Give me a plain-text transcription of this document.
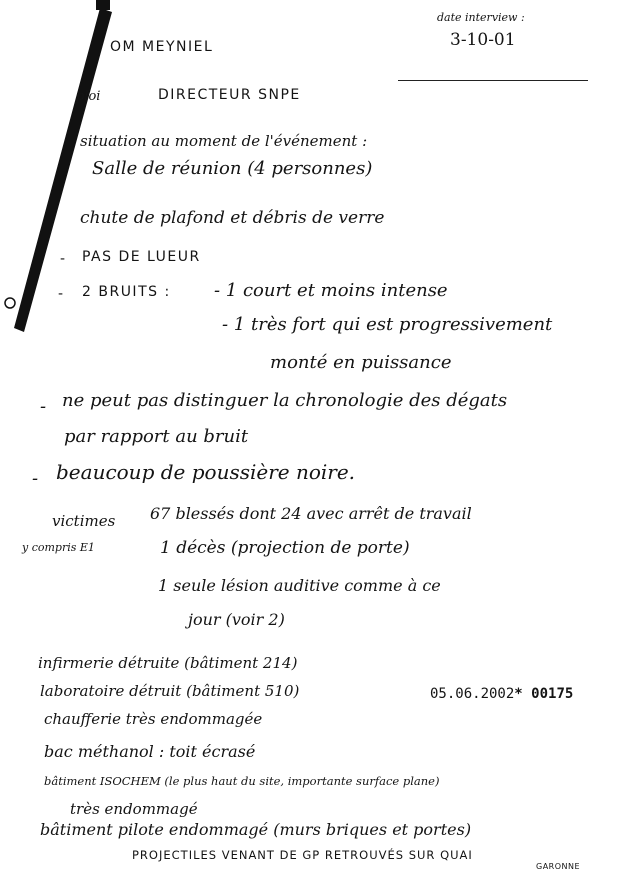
date interview :
3-10-01
OM MEYNIEL
ploi	DIRECTEUR SNPE
situation au moment de l'événement :
Salle de réunion (4 personnes)
chute de plafond et débris de verre
- PAS DE LUEUR
- 2 BRUITS : - 1 court et moins intense
- 1 très fort qui est progressivement
monté en puissance
- ne peut pas distinguer la chronologie des dégats
par rapport au bruit
- beaucoup de poussière noire.
victimes
y compris E1
67 blessés dont 24 avec arrêt de travail
1 décès (projection de porte)
1 seule lésion auditive comme à ce
jour (voir 2)
infirmerie détruite (bâtiment 214)
laboratoire détruit (bâtiment 510)
chaufferie très endommagée
bac méthanol : toit écrasé
bâtiment ISOCHEM (le plus haut du site, importante surface plane)
très endommagé
bâtiment pilote endommagé (murs briques et portes)
PROJECTILES VENANT DE GP RETROUVÉS SUR QUAI
GARONNE
05.06.2002* 00175
